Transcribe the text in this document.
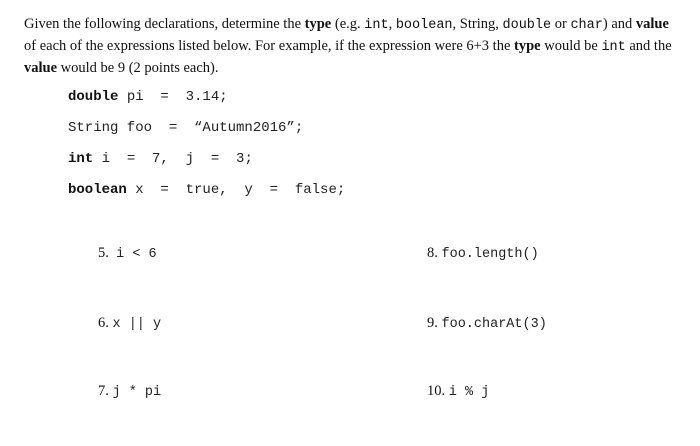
Given the following declarations, determine the type (e.g. int, boolean, String, double or char) and value of each of the expressions listed below. For example, if the expression were 6+3 the type would be int and the value would be 9 (2 points each).

double pi  =  3.14;
String foo  =  “Autumn2016”;
int i  =  7,  j  =  3;
boolean x  =  true,  y  =  false;
5. i < 6
6. x || y
7. j * pi
8. foo.length()
9. foo.charAt(3)
10. i % j
